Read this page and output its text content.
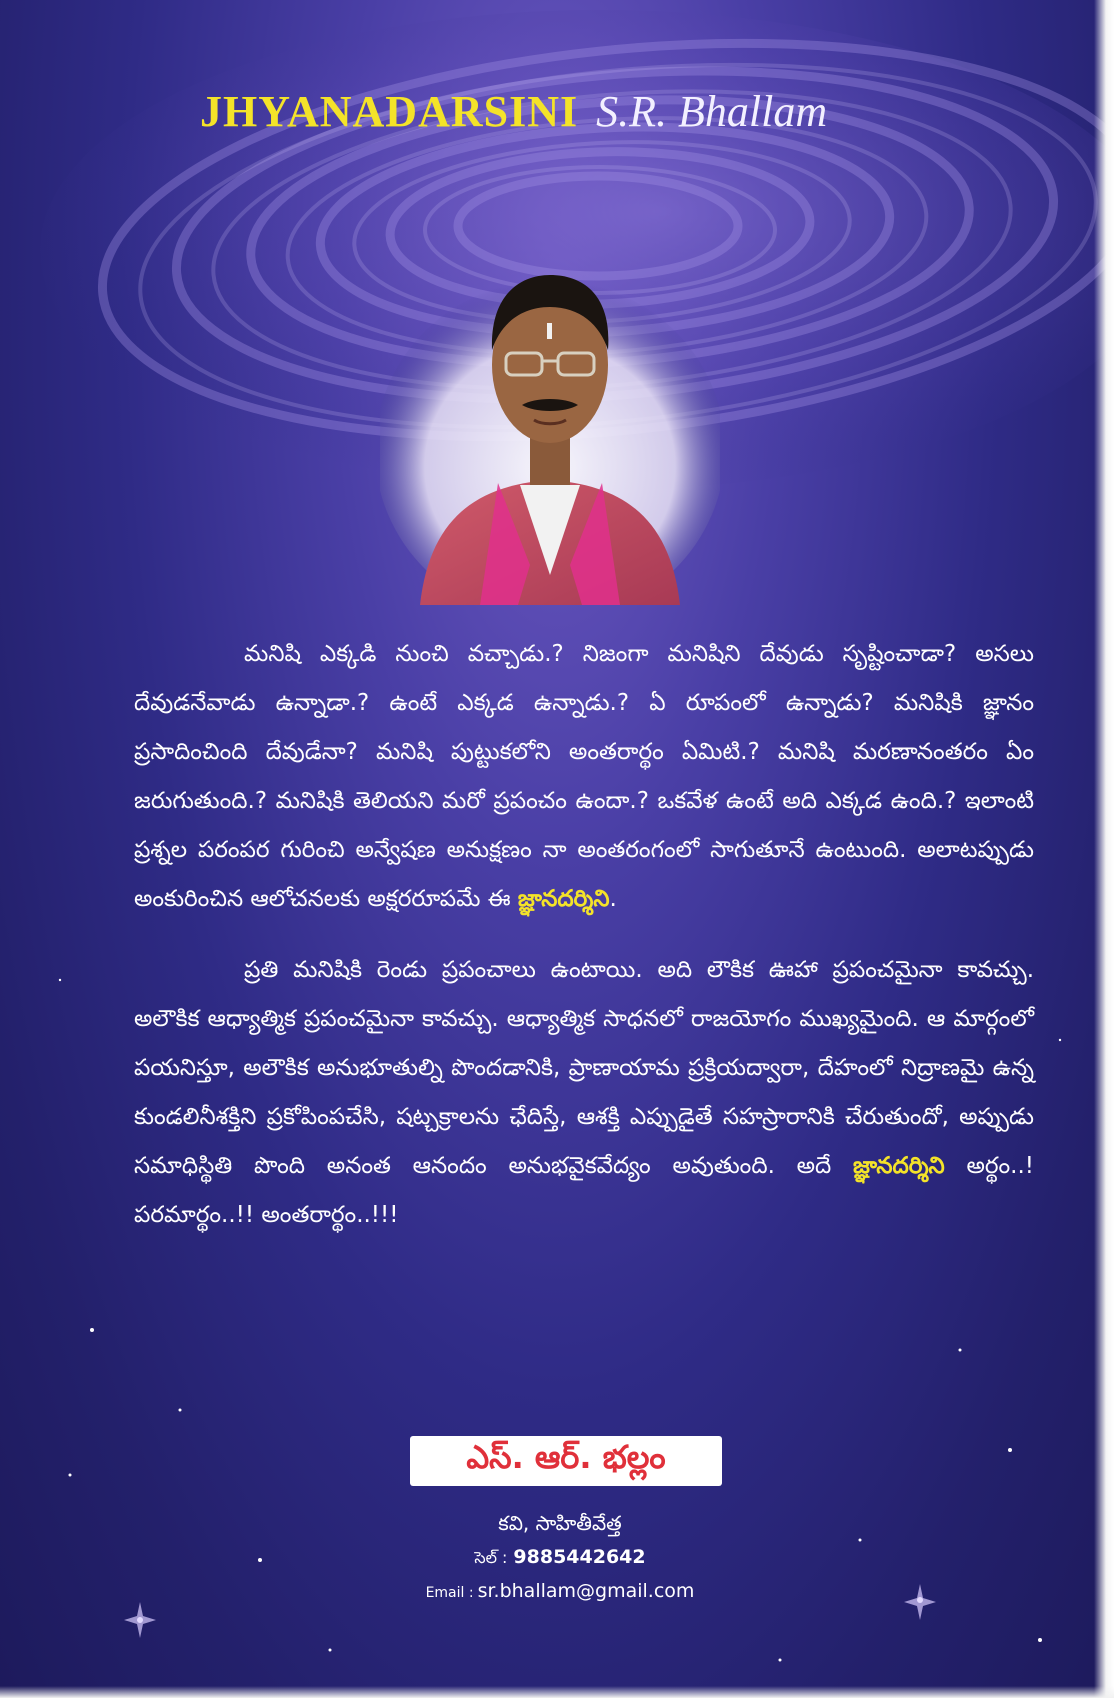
JHYANADARSINI S.R. Bhallam

మనిషి ఎక్కడి నుంచి వచ్చాడు.? నిజంగా మనిషిని దేవుడు సృష్టించాడా? అసలు దేవుడనేవాడు ఉన్నాడా.? ఉంటే ఎక్కడ ఉన్నాడు.? ఏ రూపంలో ఉన్నాడు? మనిషికి జ్ఞానం ప్రసాదించింది దేవుడేనా? మనిషి పుట్టుకలోని అంతరార్థం ఏమిటి.? మనిషి మరణానంతరం ఏం జరుగుతుంది.? మనిషికి తెలియని మరో ప్రపంచం ఉందా.? ఒకవేళ ఉంటే అది ఎక్కడ ఉంది.? ఇలాంటి ప్రశ్నల పరంపర గురించి అన్వేషణ అనుక్షణం నా అంతరంగంలో సాగుతూనే ఉంటుంది. అలాటప్పుడు అంకురించిన ఆలోచనలకు అక్షరరూపమే ఈ జ్ఞానదర్శిని.

ప్రతి మనిషికి రెండు ప్రపంచాలు ఉంటాయి. అది లౌకిక ఊహా ప్రపంచమైనా కావచ్చు. అలౌకిక ఆధ్యాత్మిక ప్రపంచమైనా కావచ్చు. ఆధ్యాత్మిక సాధనలో రాజయోగం ముఖ్యమైంది. ఆ మార్గంలో పయనిస్తూ, అలౌకిక అనుభూతుల్ని పొందడానికి, ప్రాణాయామ ప్రక్రియద్వారా, దేహంలో నిద్రాణమై ఉన్న కుండలినీశక్తిని ప్రకోపింపచేసి, షట్చక్రాలను ఛేదిస్తే, ఆశక్తి ఎప్పుడైతే సహస్రారానికి చేరుతుందో, అప్పుడు సమాధిస్థితి పొంది అనంత ఆనందం అనుభవైకవేద్యం అవుతుంది. అదే జ్ఞానదర్శిని అర్థం..! పరమార్థం..!! అంతరార్థం..!!!

ఎస్. ఆర్. భల్లం
కవి, సాహితీవేత్త
సెల్ : 9885442642
Email : sr.bhallam@gmail.com
